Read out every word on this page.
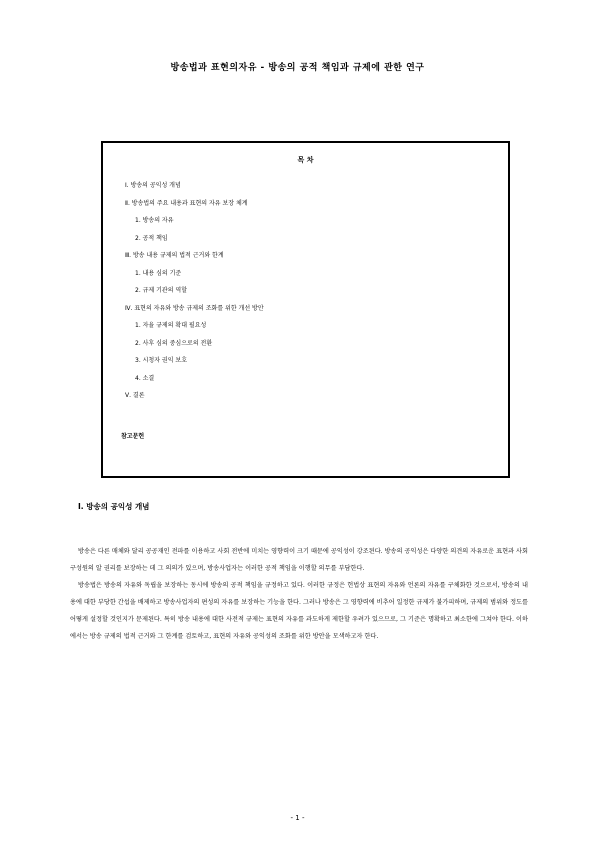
방송법과 표현의자유 - 방송의 공적 책임과 규제에 관한 연구
목 차
Ⅰ. 방송의 공익성 개념
Ⅱ. 방송법의 주요 내용과 표현의 자유 보장 체계
1. 방송의 자유
2. 공적 책임
Ⅲ. 방송 내용 규제의 법적 근거와 한계
1. 내용 심의 기준
2. 규제 기관의 역할
Ⅳ. 표현의 자유와 방송 규제의 조화를 위한 개선 방안
1. 자율 규제의 확대 필요성
2. 사후 심의 중심으로의 전환
3. 시청자 권익 보호
4. 소결
Ⅴ. 결론
참고문헌
Ⅰ. 방송의 공익성 개념

방송은 다른 매체와 달리 공공재인 전파를 이용하고 사회 전반에 미치는 영향력이 크기 때문에 공익성이 강조된다. 방송의 공익성은 다양한 의견의 자유로운 표현과 사회 구성원의 알 권리를 보장하는 데 그 의의가 있으며, 방송사업자는 이러한 공적 책임을 이행할 의무를 부담한다.

방송법은 방송의 자유와 독립을 보장하는 동시에 방송의 공적 책임을 규정하고 있다. 이러한 규정은 헌법상 표현의 자유와 언론의 자유를 구체화한 것으로서, 방송의 내용에 대한 부당한 간섭을 배제하고 방송사업자의 편성의 자유를 보장하는 기능을 한다. 그러나 방송은 그 영향력에 비추어 일정한 규제가 불가피하며, 규제의 범위와 정도를 어떻게 설정할 것인지가 문제된다. 특히 방송 내용에 대한 사전적 규제는 표현의 자유를 과도하게 제한할 우려가 있으므로, 그 기준은 명확하고 최소한에 그쳐야 한다. 이하에서는 방송 규제의 법적 근거와 그 한계를 검토하고, 표현의 자유와 공익성의 조화를 위한 방안을 모색하고자 한다.

- 1 -
